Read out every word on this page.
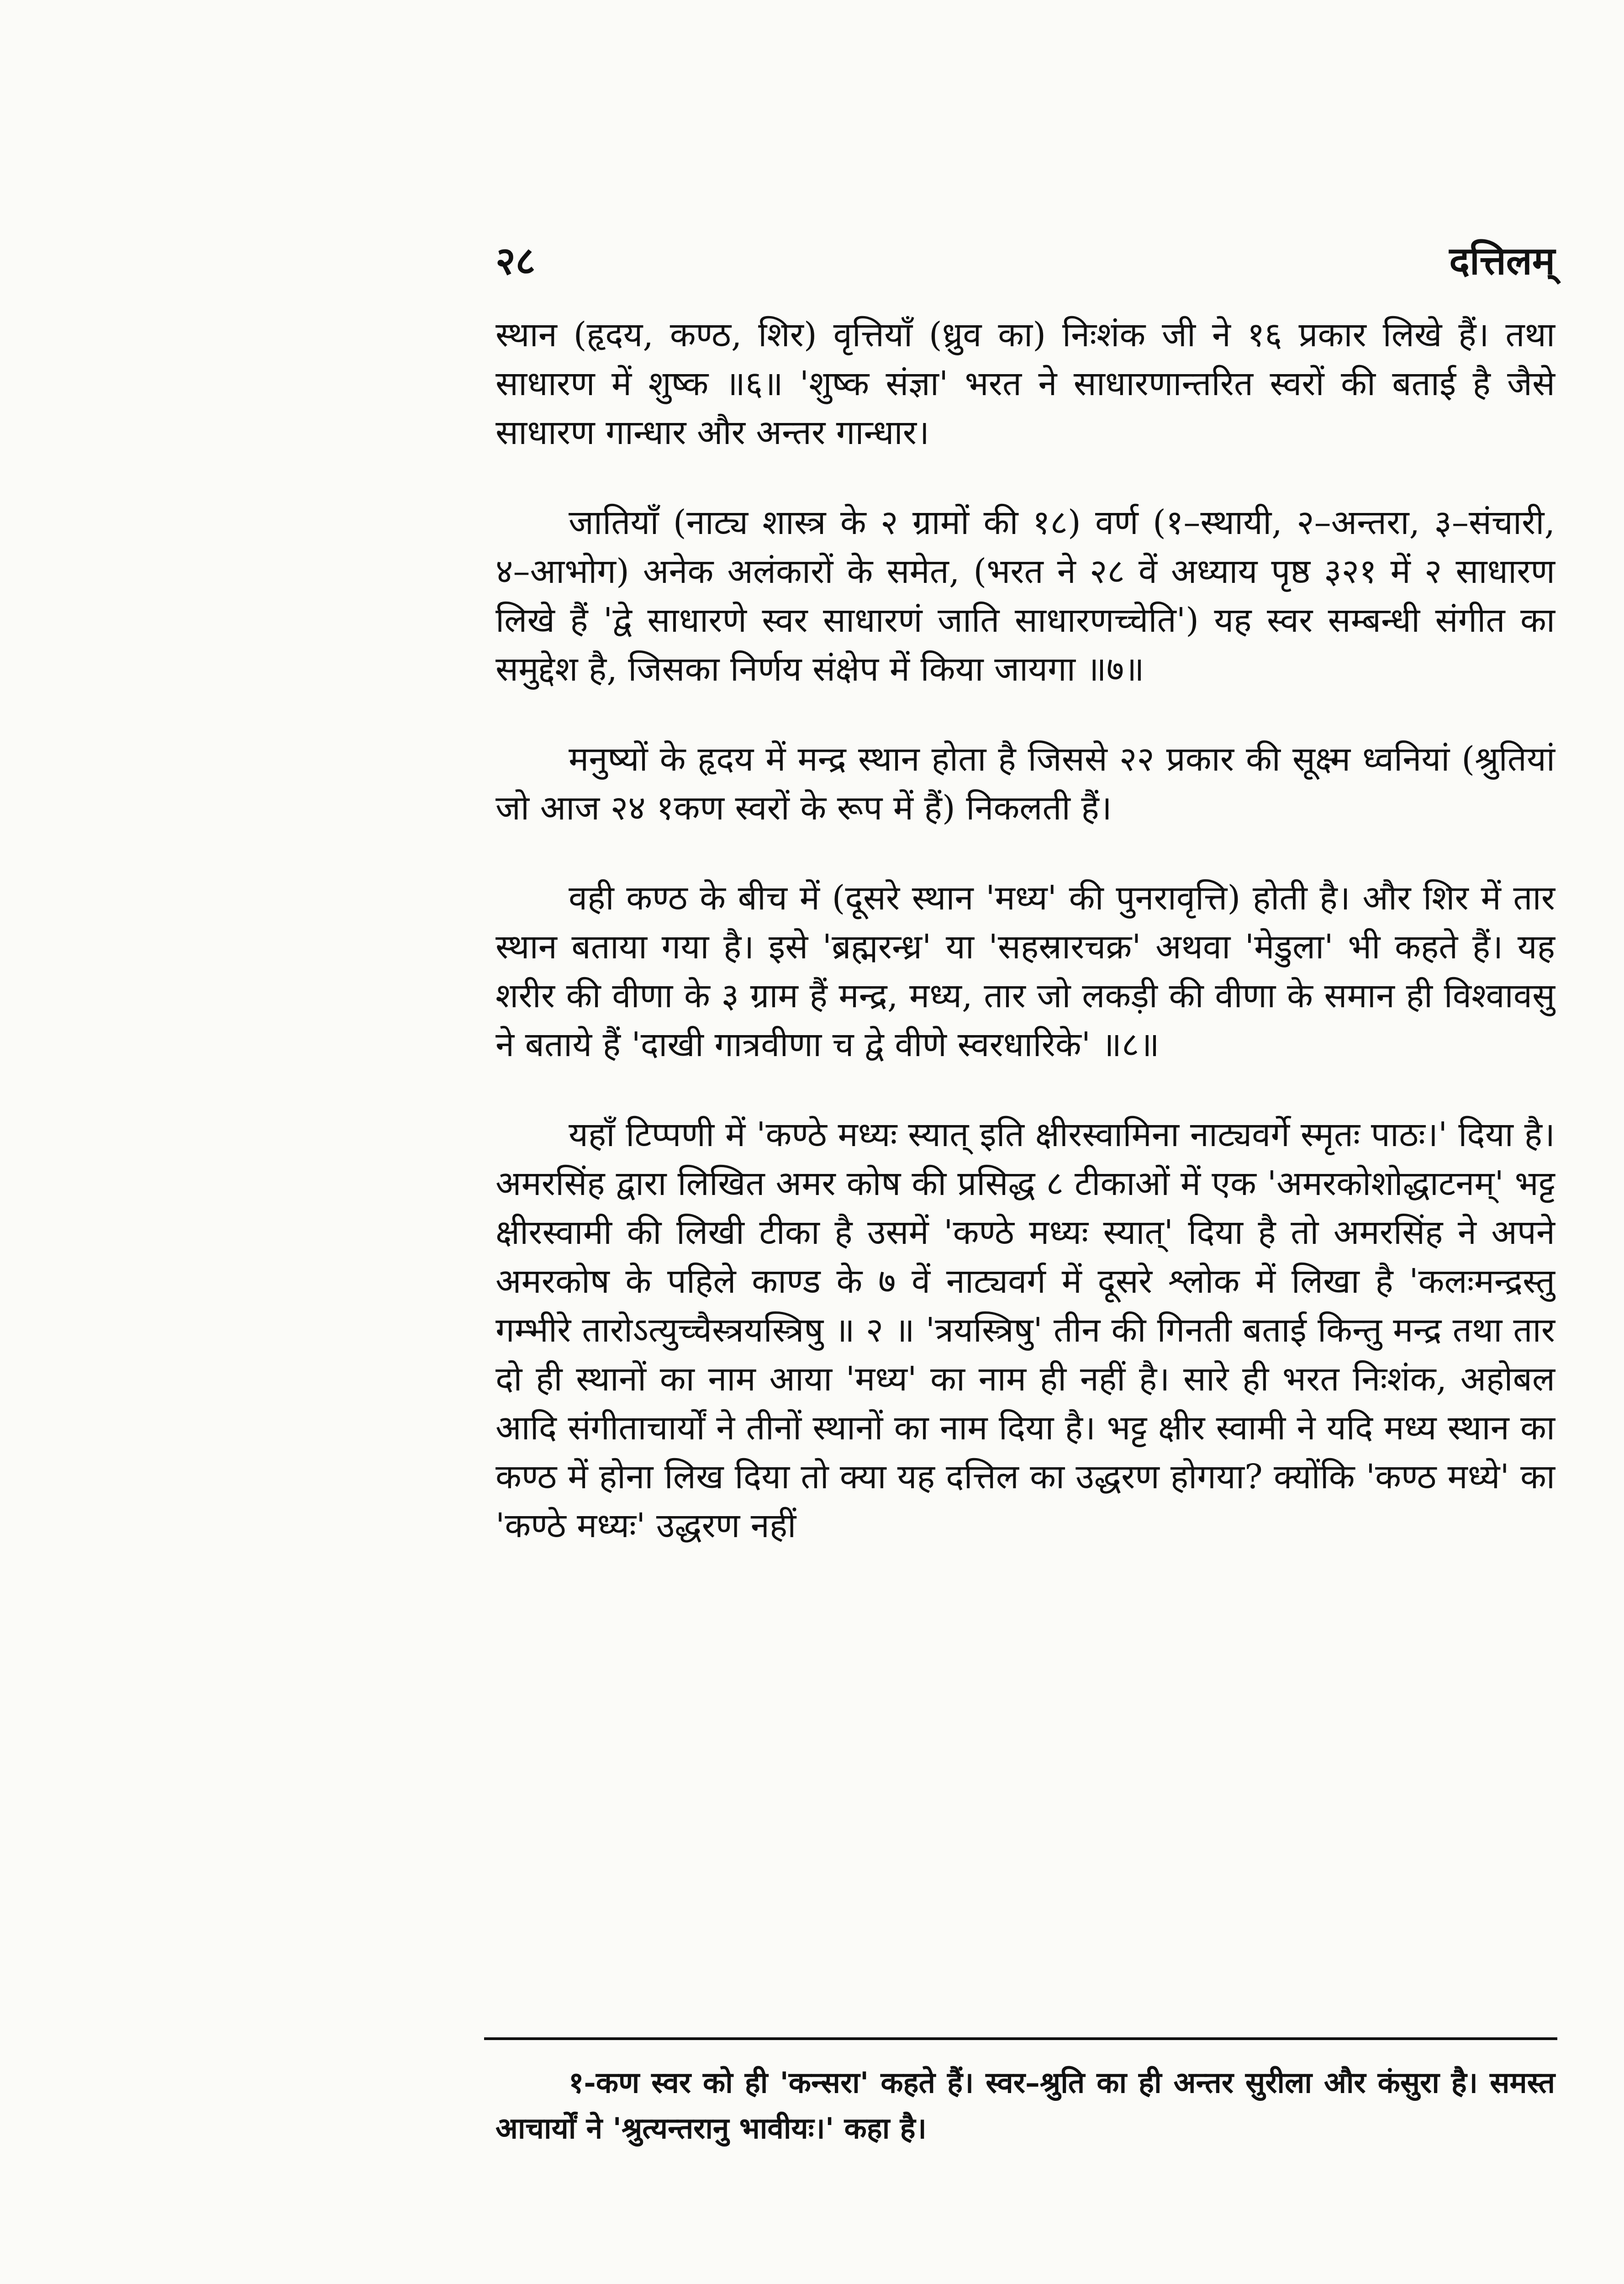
२८	दत्तिलम्

स्थान (हृदय, कण्ठ, शिर) वृत्तियाँ (ध्रुव का) निःशंक जी ने १६ प्रकार लिखे हैं। तथा साधारण में शुष्क ॥६॥ 'शुष्क संज्ञा' भरत ने साधारणान्तरित स्वरों की बताई है जैसे साधारण गान्धार और अन्तर गान्धार।

जातियाँ (नाट्य शास्त्र के २ ग्रामों की १८) वर्ण (१–स्थायी, २–अन्तरा, ३–संचारी, ४–आभोग) अनेक अलंकारों के समेत, (भरत ने २८ वें अध्याय पृष्ठ ३२१ में २ साधारण लिखे हैं 'द्वे साधारणे स्वर साधारणं जाति साधारणच्चेति') यह स्वर सम्बन्धी संगीत का समुद्देश है, जिसका निर्णय संक्षेप में किया जायगा ॥७॥

मनुष्यों के हृदय में मन्द्र स्थान होता है जिससे २२ प्रकार की सूक्ष्म ध्वनियां (श्रुतियां जो आज २४ १कण स्वरों के रूप में हैं) निकलती हैं।

वही कण्ठ के बीच में (दूसरे स्थान 'मध्य' की पुनरावृत्ति) होती है। और शिर में तार स्थान बताया गया है। इसे 'ब्रह्मरन्ध्र' या 'सहस्रारचक्र' अथवा 'मेडुला' भी कहते हैं। यह शरीर की वीणा के ३ ग्राम हैं मन्द्र, मध्य, तार जो लकड़ी की वीणा के समान ही विश्वावसु ने बताये हैं 'दाखी गात्रवीणा च द्वे वीणे स्वरधारिके' ॥८॥

यहाँ टिप्पणी में 'कण्ठे मध्यः स्यात् इति क्षीरस्वामिना नाट्यवर्गे स्मृतः पाठः।' दिया है। अमरसिंह द्वारा लिखित अमर कोष की प्रसिद्ध ८ टीकाओं में एक 'अमरकोशोद्धाटनम्' भट्ट क्षीरस्वामी की लिखी टीका है उसमें 'कण्ठे मध्यः स्यात्' दिया है तो अमरसिंह ने अपने अमरकोष के पहिले काण्ड के ७ वें नाट्यवर्ग में दूसरे श्लोक में लिखा है 'कलःमन्द्रस्तु गम्भीरे तारोऽत्युच्चैस्त्रयस्त्रिषु ॥ २ ॥ 'त्रयस्त्रिषु' तीन की गिनती बताई किन्तु मन्द्र तथा तार दो ही स्थानों का नाम आया 'मध्य' का नाम ही नहीं है। सारे ही भरत निःशंक, अहोबल आदि संगीताचार्यों ने तीनों स्थानों का नाम दिया है। भट्ट क्षीर स्वामी ने यदि मध्य स्थान का कण्ठ में होना लिख दिया तो क्या यह दत्तिल का उद्धरण होगया? क्योंकि 'कण्ठ मध्ये' का 'कण्ठे मध्यः' उद्धरण नहीं

१-कण स्वर को ही 'कन्सरा' कहते हैं। स्वर–श्रुति का ही अन्तर सुरीला और कंसुरा है। समस्त आचार्यों ने 'श्रुत्यन्तरानु भावीयः।' कहा है।
